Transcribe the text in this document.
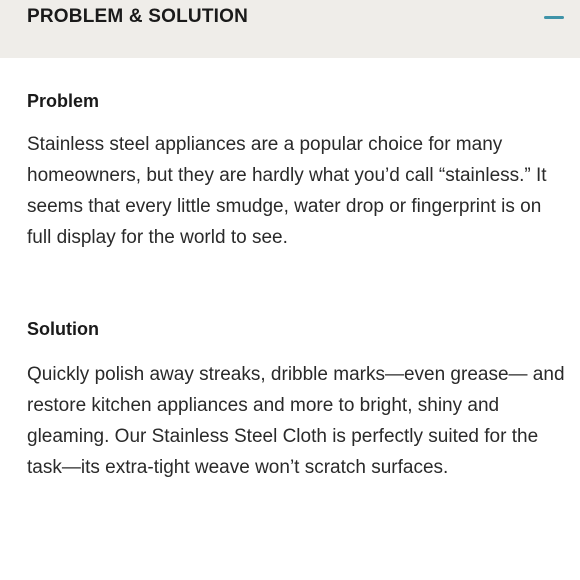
PROBLEM & SOLUTION
Problem

Stainless steel appliances are a popular choice for many homeowners, but they are hardly what you’d call “stainless.” It seems that every little smudge, water drop or fingerprint is on full display for the world to see.

Solution

Quickly polish away streaks, dribble marks—even grease— and restore kitchen appliances and more to bright, shiny and gleaming. Our Stainless Steel Cloth is perfectly suited for the task—its extra-tight weave won’t scratch surfaces.
